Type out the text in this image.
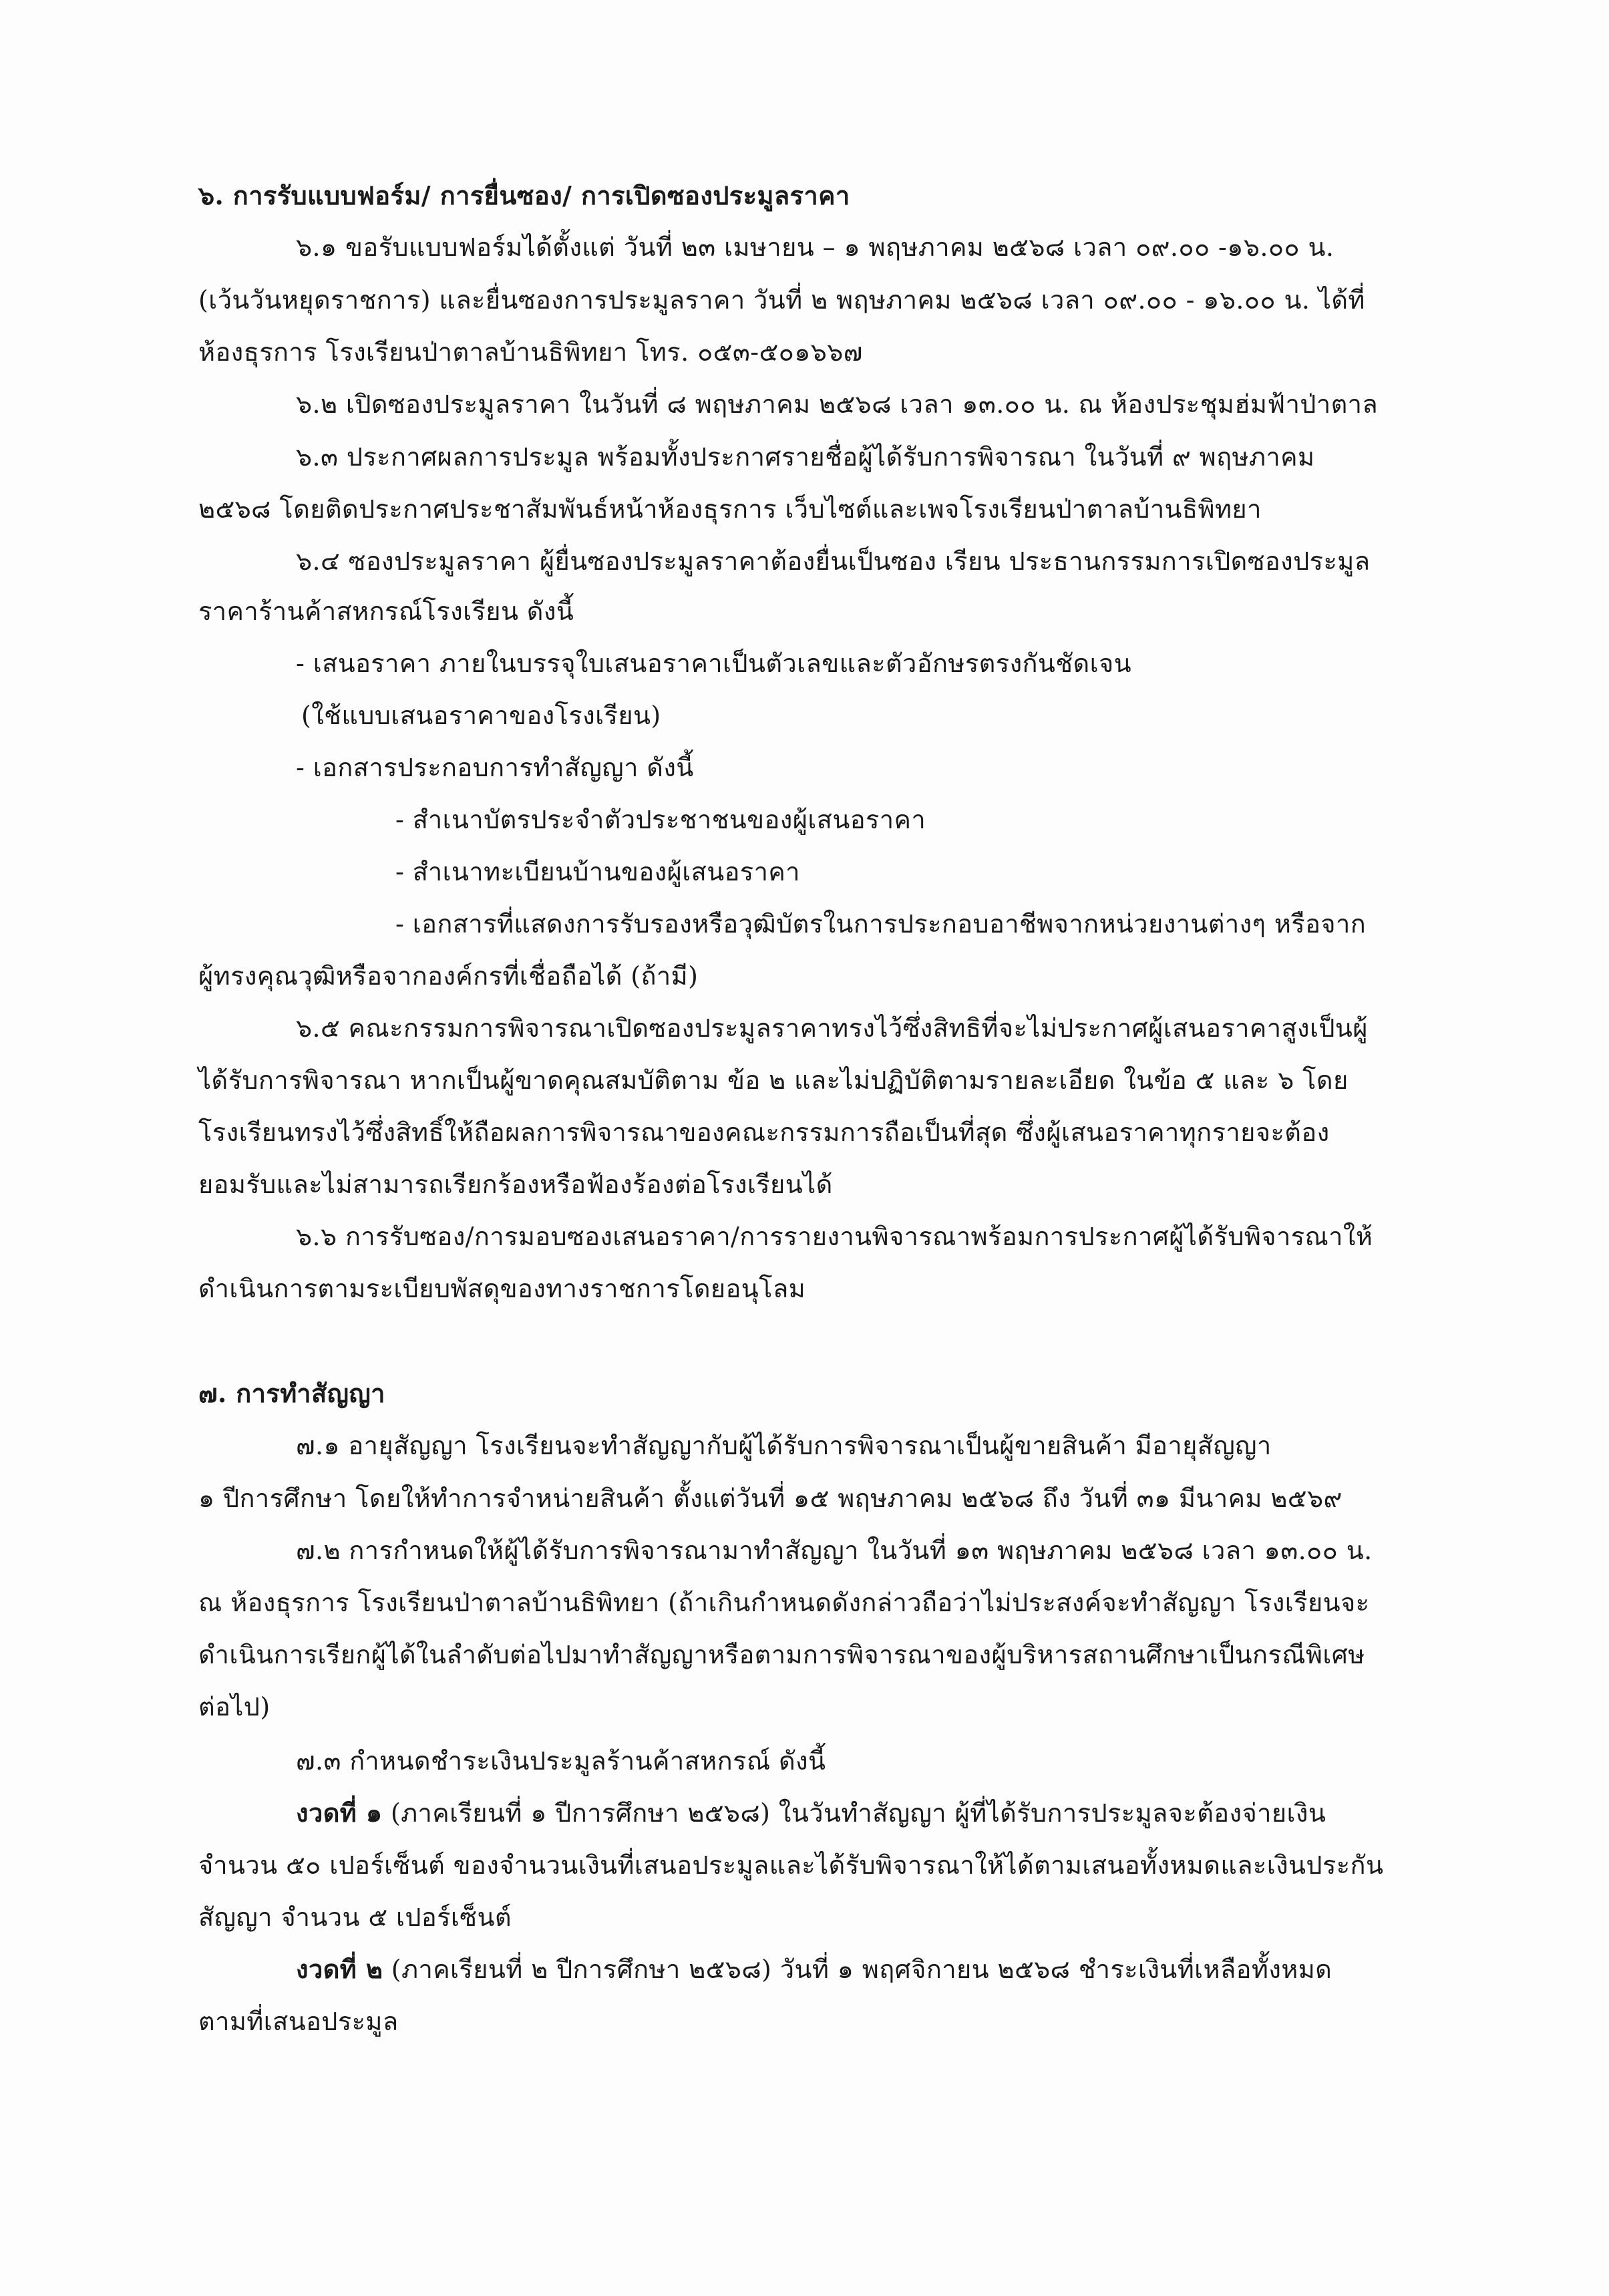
๖. การรับแบบฟอร์ม/ การยื่นซอง/ การเปิดซองประมูลราคา
๖.๑ ขอรับแบบฟอร์มได้ตั้งแต่ วันที่ ๒๓ เมษายน – ๑ พฤษภาคม ๒๕๖๘ เวลา ๐๙.๐๐ -๑๖.๐๐ น.
(เว้นวันหยุดราชการ) และยื่นซองการประมูลราคา วันที่ ๒ พฤษภาคม ๒๕๖๘ เวลา ๐๙.๐๐ - ๑๖.๐๐ น. ได้ที่
ห้องธุรการ โรงเรียนป่าตาลบ้านธิพิทยา โทร. ๐๕๓-๕๐๑๖๖๗
๖.๒ เปิดซองประมูลราคา ในวันที่ ๘ พฤษภาคม ๒๕๖๘ เวลา ๑๓.๐๐ น. ณ ห้องประชุมฮ่มฟ้าป่าตาล
๖.๓ ประกาศผลการประมูล พร้อมทั้งประกาศรายชื่อผู้ได้รับการพิจารณา ในวันที่ ๙ พฤษภาคม
๒๕๖๘ โดยติดประกาศประชาสัมพันธ์หน้าห้องธุรการ เว็บไซต์และเพจโรงเรียนป่าตาลบ้านธิพิทยา
๖.๔ ซองประมูลราคา ผู้ยื่นซองประมูลราคาต้องยื่นเป็นซอง เรียน ประธานกรรมการเปิดซองประมูล
ราคาร้านค้าสหกรณ์โรงเรียน ดังนี้
- เสนอราคา ภายในบรรจุใบเสนอราคาเป็นตัวเลขและตัวอักษรตรงกันชัดเจน
(ใช้แบบเสนอราคาของโรงเรียน)
- เอกสารประกอบการทำสัญญา ดังนี้
- สำเนาบัตรประจำตัวประชาชนของผู้เสนอราคา
- สำเนาทะเบียนบ้านของผู้เสนอราคา
- เอกสารที่แสดงการรับรองหรือวุฒิบัตรในการประกอบอาชีพจากหน่วยงานต่างๆ หรือจาก
ผู้ทรงคุณวุฒิหรือจากองค์กรที่เชื่อถือได้ (ถ้ามี)
๖.๕ คณะกรรมการพิจารณาเปิดซองประมูลราคาทรงไว้ซึ่งสิทธิที่จะไม่ประกาศผู้เสนอราคาสูงเป็นผู้
ได้รับการพิจารณา หากเป็นผู้ขาดคุณสมบัติตาม ข้อ ๒ และไม่ปฏิบัติตามรายละเอียด ในข้อ ๕ และ ๖ โดย
โรงเรียนทรงไว้ซึ่งสิทธิ์ให้ถือผลการพิจารณาของคณะกรรมการถือเป็นที่สุด ซึ่งผู้เสนอราคาทุกรายจะต้อง
ยอมรับและไม่สามารถเรียกร้องหรือฟ้องร้องต่อโรงเรียนได้
๖.๖ การรับซอง/การมอบซองเสนอราคา/การรายงานพิจารณาพร้อมการประกาศผู้ได้รับพิจารณาให้
ดำเนินการตามระเบียบพัสดุของทางราชการโดยอนุโลม
๗. การทำสัญญา
๗.๑ อายุสัญญา โรงเรียนจะทำสัญญากับผู้ได้รับการพิจารณาเป็นผู้ขายสินค้า มีอายุสัญญา
๑ ปีการศึกษา โดยให้ทำการจำหน่ายสินค้า ตั้งแต่วันที่ ๑๕ พฤษภาคม ๒๕๖๘ ถึง วันที่ ๓๑ มีนาคม ๒๕๖๙
๗.๒ การกำหนดให้ผู้ได้รับการพิจารณามาทำสัญญา ในวันที่ ๑๓ พฤษภาคม ๒๕๖๘ เวลา ๑๓.๐๐ น.
ณ ห้องธุรการ โรงเรียนป่าตาลบ้านธิพิทยา (ถ้าเกินกำหนดดังกล่าวถือว่าไม่ประสงค์จะทำสัญญา โรงเรียนจะ
ดำเนินการเรียกผู้ได้ในลำดับต่อไปมาทำสัญญาหรือตามการพิจารณาของผู้บริหารสถานศึกษาเป็นกรณีพิเศษ
ต่อไป)
๗.๓ กำหนดชำระเงินประมูลร้านค้าสหกรณ์ ดังนี้
งวดที่ ๑ (ภาคเรียนที่ ๑ ปีการศึกษา ๒๕๖๘) ในวันทำสัญญา ผู้ที่ได้รับการประมูลจะต้องจ่ายเงิน
จำนวน ๕๐ เปอร์เซ็นต์ ของจำนวนเงินที่เสนอประมูลและได้รับพิจารณาให้ได้ตามเสนอทั้งหมดและเงินประกัน
สัญญา จำนวน ๕ เปอร์เซ็นต์
งวดที่ ๒ (ภาคเรียนที่ ๒ ปีการศึกษา ๒๕๖๘) วันที่ ๑ พฤศจิกายน ๒๕๖๘ ชำระเงินที่เหลือทั้งหมด
ตามที่เสนอประมูล
